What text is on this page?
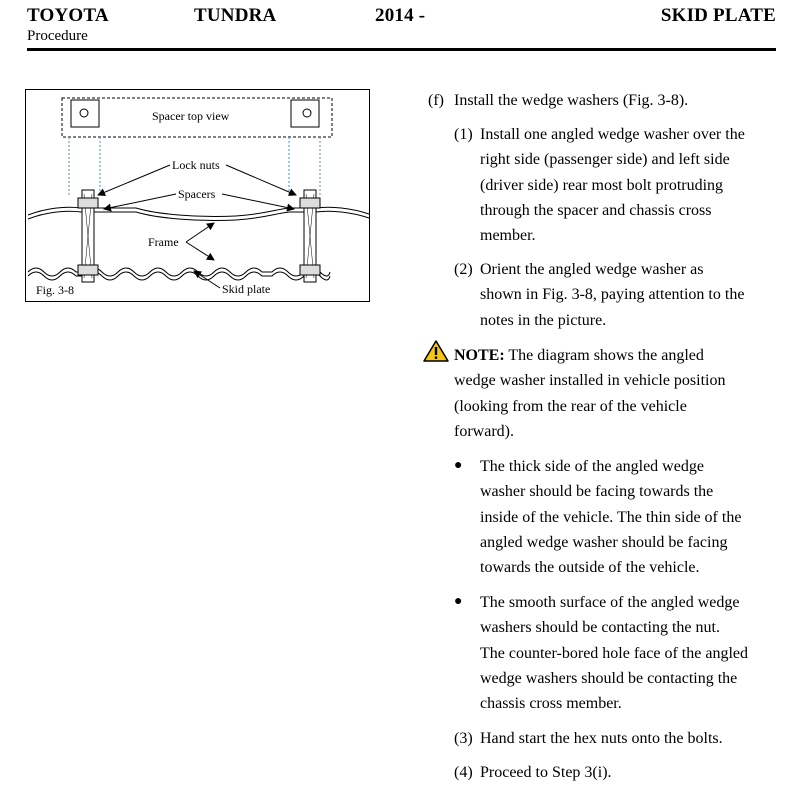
TOYOTA	TUNDRA	2014 -	SKID PLATE
Procedure
Spacer top view
Lock nuts
Spacers
Frame
Fig. 3-8	Skid plate
(f) Install the wedge washers (Fig. 3-8).
(1) Install one angled wedge washer over the
right side (passenger side) and left side
(driver side) rear most bolt protruding
through the spacer and chassis cross
member.
(2) Orient the angled wedge washer as
shown in Fig. 3-8, paying attention to the
notes in the picture.
NOTE: The diagram shows the angled
wedge washer installed in vehicle position
(looking from the rear of the vehicle
forward).
● The thick side of the angled wedge
washer should be facing towards the
inside of the vehicle. The thin side of the
angled wedge washer should be facing
towards the outside of the vehicle.
● The smooth surface of the angled wedge
washers should be contacting the nut.
The counter-bored hole face of the angled
wedge washers should be contacting the
chassis cross member.
(3) Hand start the hex nuts onto the bolts.
(4) Proceed to Step 3(i).
